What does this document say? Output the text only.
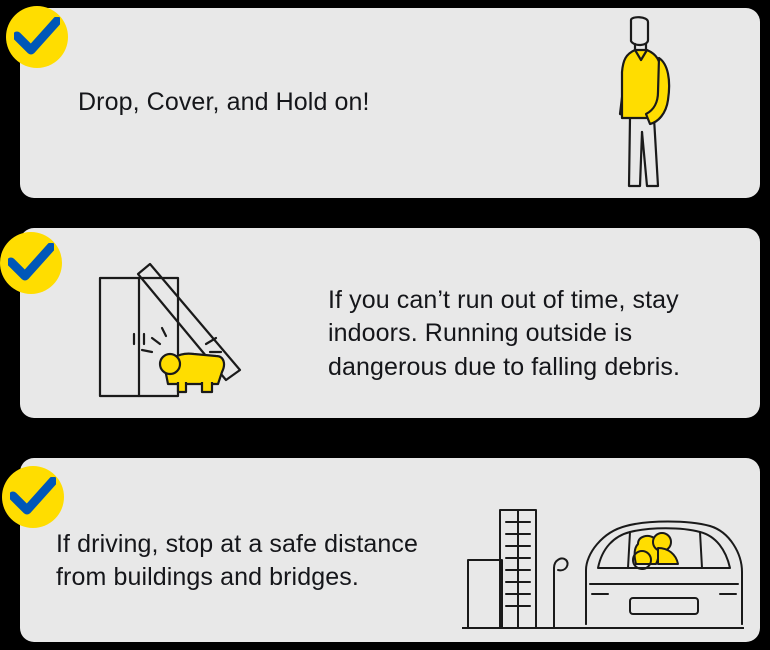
Drop, Cover, and Hold on!
If you can’t run out of time, stay indoors. Running outside is dangerous due to falling debris.
If driving, stop at a safe distance from buildings and bridges.
